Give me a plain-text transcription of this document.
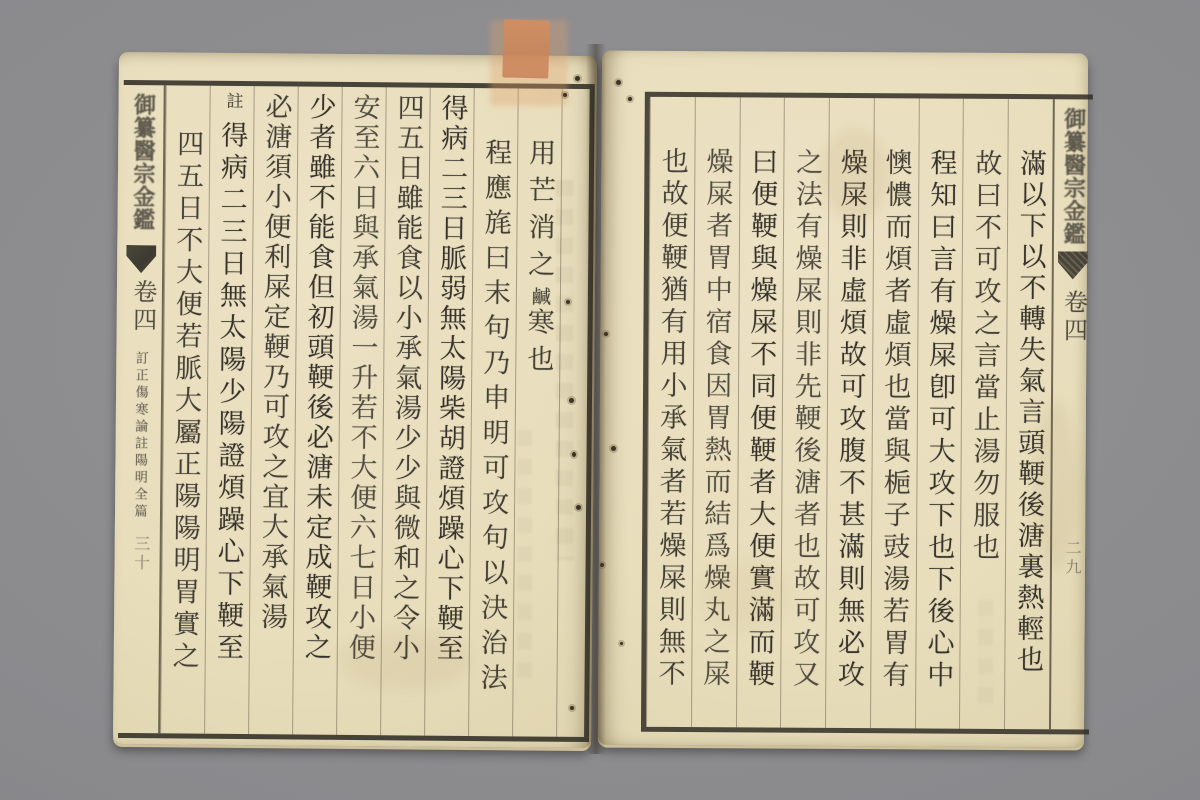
滿以下以不轉失氣言頭鞕後溏裏熱輕也
故曰不可攻之言當止湯勿服也
程知曰言有燥屎卽可大攻下也下後心中
懊憹而煩者虛煩也當與梔子豉湯若胃有
燥屎則非虛煩故可攻腹不甚滿則無必攻
之法有燥屎則非先鞕後溏者也故可攻又
曰便鞕與燥屎不同便鞕者大便實滿而鞕
燥屎者胃中宿食因胃熱而結爲燥丸之屎
也故便鞕猶有用小承氣者若燥屎則無不	御纂醫宗金鑑
卷四
二九
御纂醫宗金鑑
卷四
訂正傷寒論註陽明全篇
三十
用芒消之鹹寒也
程應旄曰末句乃申明可攻句以決治法
得病二三日脈弱無太陽柴胡證煩躁心下鞕至
四五日雖能食以小承氣湯少少與微和之令小
安至六日與承氣湯一升若不大便六七日小便
少者雖不能食但初頭鞕後必溏未定成鞕攻之
必溏須小便利屎定鞕乃可攻之宜大承氣湯
註得病二三日無太陽少陽證煩躁心下鞕至
四五日不大便若脈大屬正陽陽明胃實之
